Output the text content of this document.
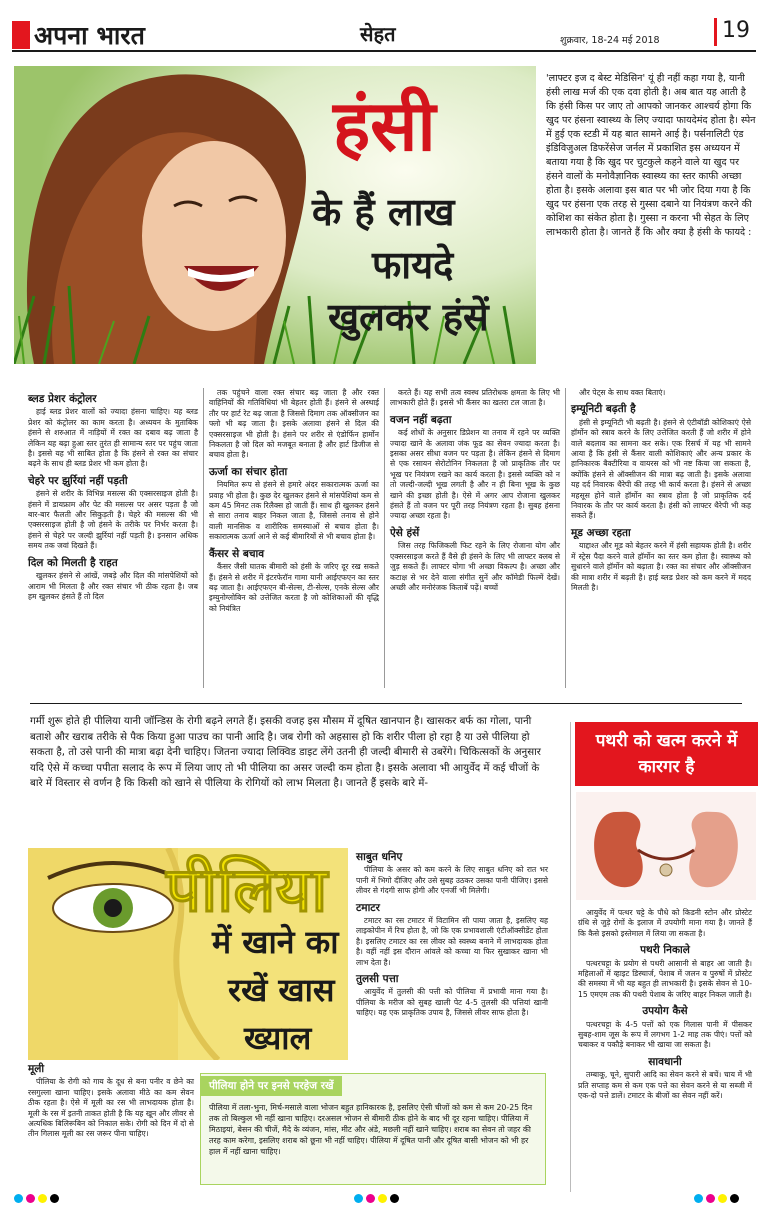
अपना भारत	सेहत	शुक्रवार, 18-24 मई 2018	19
हंसी
के हैं लाख
फायदे
खुलकर हंसें
'लाफ्टर इज द बेस्ट मेडिसिन' यूं ही नहीं कहा गया है, यानी हंसी लाख मर्ज की एक दवा होती है। अब बात यह आती है कि हंसी किस पर जाए तो आपको जानकर आश्चर्य होगा कि खुद पर हंसना स्वास्थ्य के लिए ज्यादा फायदेमंद होता है। स्पेन में हुई एक स्टडी में यह बात सामने आई है। पर्सनालिटी एंड इंडिविजुअल डिफरेंसेज जर्नल में प्रकाशित इस अध्ययन में बताया गया है कि खुद पर चुटकुले कहने वाले या खुद पर हंसने वालों के मनोवैज्ञानिक स्वास्थ्य का स्तर काफी अच्छा होता है। इसके अलावा इस बात पर भी जोर दिया गया है कि खुद पर हंसना एक तरह से गुस्सा दबाने या नियंत्रण करने की कोशिश का संकेत होता है। गुस्सा न करना भी सेहत के लिए लाभकारी होता है। जानते हैं कि और क्या है हंसी के फायदे :
ब्लड प्रेशर कंट्रोलर

हाई ब्लड प्रेशर वालों को ज्यादा हंसना चाहिए। यह ब्लड प्रेशर को कंट्रोलर का काम करता है। अध्ययन के मुताबिक हंसने से शरुआत में नाड़ियों में रक्त का दबाव बढ़ जाता है लेकिन यह बढ़ा हुआ स्तर तुरंत ही सामान्य स्तर पर पहुंच जाता है। इससे यह भी साबित होता है कि हंसने से रक्त का संचार बढ़ने के साथ ही ब्लड प्रेशर भी कम होता है।

चेहरे पर झुर्रियां नहीं पड़ती

हंसने से शरीर के विभिन्न मसल्स की एक्सरसाइज होती है। हंसने में डायफ्राम और पेट की मसल्स पर असर पड़ता है जो बार-बार फैलती और सिकुड़ती है। चेहरे की मसल्स की भी एक्सरसाइज होती है जो हंसने के तरीके पर निर्भर करता है। हंसने से चेहरे पर जल्दी झुर्रियां नहीं पड़ती है। इनसान अधिक समय तक जवां दिखते हैं।

दिल को मिलती है राहत

खुलकर हंसने से आंखें, जबड़े और दिल की मांसपेशियों को आराम भी मिलता है और रक्त संचार भी ठीक रहता है। जब हम खुलकर हंसते हैं तो दिल

तक पहुंचने वाला रक्त संचार बढ़ जाता है और रक्त वाहिनियों की गतिविधियां भी बेहतर होती हैं। हंसने से अस्थाई तौर पर हार्ट रेट बढ़ जाता है जिससे दिमाग तक ऑक्सीजन का फ्लो भी बढ़ जाता है। इसके अलावा हंसने से दिल की एक्सरसाइज भी होती है। हंसने पर शरीर से एंडोर्फिन हार्मोन निकलता है जो दिल को मजबूत बनाता है और हार्ट डिजीज से बचाव होता है।

ऊर्जा का संचार होता

नियमित रूप से हंसने से हमारे अंदर सकारात्मक ऊर्जा का प्रवाह भी होता है। कुछ देर खुलकर हंसने से मांसपेशियां कम से कम 45 मिनट तक रिलैक्स हो जाती हैं। साथ ही खुलकर हंसने से सारा तनाव बाहर निकल जाता है, जिससे तनाव से होने वाली मानसिक व शारीरिक समस्याओं से बचाव होता है। सकारात्मक ऊर्जा आने से कई बीमारियों से भी बचाव होता है।

कैंसर से बचाव

कैंसर जैसी घातक बीमारी को हंसी के जरिए दूर रख सकते हैं। हंसने से शरीर में इंटरफेरॉन गामा यानी आईएफएन का स्तर बढ़ जाता है। आईएफएन बी-सेल्स, टी-सेल्स, एनके सेल्स और इम्युनोग्लोबिन को उत्तेजित करता है जो कोशिकाओं की वृद्धि को नियंत्रित

करते हैं। यह सभी तत्व स्वस्थ प्रतिरोधक क्षमता के लिए भी लाभकारी होते हैं। इससे भी कैंसर का खतरा टल जाता है।

वजन नहीं बढ़ता

कई शोधों के अनुसार डिप्रेशन या तनाव में रहने पर व्यक्ति ज्यादा खाने के अलावा जंक फूड का सेवन ज्यादा करता है। इसका असर सीधा वजन पर पड़ता है। लेकिन हंसने से दिमाग से एक रसायन सेरोटोनिन निकलता है जो प्राकृतिक तौर पर भूख पर नियंत्रण रखने का कार्य करता है। इससे व्यक्ति को न तो जल्दी-जल्दी भूख लगती है और न ही बिना भूख के कुछ खाने की इच्छा होती है। ऐसे में अगर आप रोजाना खुलकर हंसते हैं तो वजन पर पूरी तरह नियंत्रण रहता है। सुबह हंसना ज्यादा अच्छा रहता है।

ऐसे हंसें

जिस तरह फिजिकली फिट रहने के लिए रोजाना योग और एक्सरसाइज करते हैं वैसे ही हंसने के लिए भी लाफ्टर क्लब से जुड़ सकते हैं। लाफ्टर योगा भी अच्छा विकल्प है। अच्छा और कटाक्ष से भर देने वाला संगीत सुनें और कॉमेडी फिल्में देखें। अच्छी और मनोरंजक किताबें पढ़ें। बच्चों

और पेट्स के साथ वक्त बिताएं।

इम्यूनिटी बढ़ती है

हंसी से इम्यूनिटी भी बढ़ती है। हंसने से एंटीबॉडी कोशिकाएं ऐसे हॉर्मोन को स्त्राव करने के लिए उत्तेजित करती हैं जो शरीर में होने वाले बदलाव का सामना कर सके। एक रिसर्च में यह भी सामने आया है कि हंसी से कैंसर वाली कोशिकाएं और अन्य प्रकार के हानिकारक बैक्टीरिया व वायरस को भी नष्ट किया जा सकता है, क्योंकि हंसने से ऑक्सीजन की मात्रा बढ़ जाती है। इसके अलावा यह दर्द निवारक थैरेपी की तरह भी कार्य करता है। हंसने से अच्छा महसूस होने वाले हॉर्मोन का स्त्राव होता है जो प्राकृतिक दर्द निवारक के तौर पर कार्य करता है। हंसी को लाफ्टर थैरेपी भी कह सकते हैं।

मूड अच्छा रहता

याद्दाश्त और मूड को बेहतर करने में हंसी सहायक होती है। शरीर में स्ट्रेस पैदा करने वाले हॉर्मोन का स्तर कम होता है। स्वास्थ्य को सुधारने वाले हॉर्मोन को बढ़ाता है। रक्त का संचार और ऑक्सीजन की मात्रा शरीर में बढ़ती है। हाई ब्लड प्रेशर को कम करने में मदद मिलती है।

गर्मी शुरू होते ही पीलिया यानी जॉन्डिस के रोगी बढ़ने लगते हैं। इसकी वजह इस मौसम में दूषित खानपान है। खासकर बर्फ का गोला, पानी बताशे और खराब तरीके से पैक किया हुआ पाउच का पानी आदि है। जब रोगी को अहसास हो कि शरीर पीला हो रहा है या उसे पीलिया हो सकता है, तो उसे पानी की मात्रा बढ़ा देनी चाहिए। जितना ज्यादा लिक्विड डाइट लेंगे उतनी ही जल्दी बीमारी से उबरेंगे। चिकित्सकों के अनुसार यदि ऐसे में कच्चा पपीता सलाद के रूप में लिया जाए तो भी पीलिया का असर जल्दी कम होता है। इसके अलावा भी आयुर्वेद में कई चीजों के बारे में विस्तार से वर्णन है कि किसी को खाने से पीलिया के रोगियों को लाभ मिलता है। जानते हैं इसके बारे में-
पीलिया
में खाने का
रखें खास
ख्याल
साबुत धनिए

पीलिया के असर को कम करने के लिए साबुत धनिए को रात भर पानी में भिगो दीजिए और उसे सुबह उठकर उसका पानी पीजिए। इससे लीवर से गंदगी साफ होगी और एनर्जी भी मिलेगी।

टमाटर

टमाटर का रस टमाटर में विटामिन सी पाया जाता है, इसलिए यह लाइकोपीन में रिच होता है, जो कि एक प्रभावशाली एंटीऑक्सीडेंट होता है। इसलिए टमाटर का रस लीवर को स्वस्थ्य बनाने में लाभदायक होता है। वहीं नहीं इस दौरान आंवले को कच्चा या फिर सुखाकर खाना भी लाभ देता है।

तुलसी पत्ता

आयुर्वेद में तुलसी की पत्ती को पीलिया में प्रभावी माना गया है। पीलिया के मरीज को सुबह खाली पेट 4-5 तुलसी की पत्तियां खानी चाहिए। यह एक प्राकृतिक उपाय है, जिससे लीवर साफ होता है।

मूली

पीलिया के रोगी को गाय के दूध से बना पनीर व छेने का रसगुल्ला खाना चाहिए। इसके अलावा मीठे का कम सेवन ठीक रहता है। ऐसे में मूली का रस भी लाभदायक होता है। मूली के रस में इतनी ताकत होती है कि यह खून और लीवर से अत्यधिक बिलिरूबिन को निकाल सके। रोगी को दिन में दो से तीन गिलास मूली का रस जरूर पीना चाहिए।

पीलिया होने पर इनसे परहेज रखें
पीलिया में तला-भुना, मिर्च-मसाले वाला भोजन बहुत हानिकारक है, इसलिए ऐसी चीजों को कम से कम 20-25 दिन तक तो बिल्कुल भी नहीं खाना चाहिए। दरअसल भोजन से बीमारी ठीक होने के बाद भी दूर रहना चाहिए। पीलिया में मिठाइयां, बेसन की चीजें, मैदे के व्यंजन, मांस, मीट और अंडे, मछली नहीं खाने चाहिए। शराब का सेवन तो जहर की तरह काम करेगा, इसलिए शराब को छूना भी नहीं चाहिए। पीलिया में दूषित पानी और दूषित बासी भोजन को भी हर हाल में नहीं खाना चाहिए।
पथरी को खत्म करने में कारगर है

आयुर्वेद में पत्थर चट्टे के पौधे को किडनी स्टोन और प्रोस्टेट ग्रंथि से जुड़े रोगों के इलाज में उपयोगी माना गया है। जानते हैं कि कैसे इसको इस्तेमाल में लिया जा सकता है।

पथरी निकाले

पत्थरचट्टा के प्रयोग से पथरी आसानी से बाहर आ जाती है। महिलाओं में व्हाइट डिस्चार्ज, पेशाब में जलन व पुरुषों में प्रोस्टेट की समस्या में भी यह बहुत ही लाभकारी है। इसके सेवन से 10-15 एमएम तक की पथरी पेशाब के जरिए बाहर निकल जाती है।

उपयोग कैसे

पत्थरचट्टा के 4-5 पत्तों को एक गिलास पानी में पीसकर सुबह-शाम जूस के रूप में लगभग 1-2 माह तक पीएं। पत्तों को चबाकर व पकौड़े बनाकर भी खाया जा सकता है।

सावधानी

तम्बाकू, चूने, सुपारी आदि का सेवन करने से बचें। चाय में भी प्रति सप्ताह कम से कम एक पत्ते का सेवन करने से या सब्जी में एक-दो पत्ते डालें। टमाटर के बीजों का सेवन नहीं करें।
